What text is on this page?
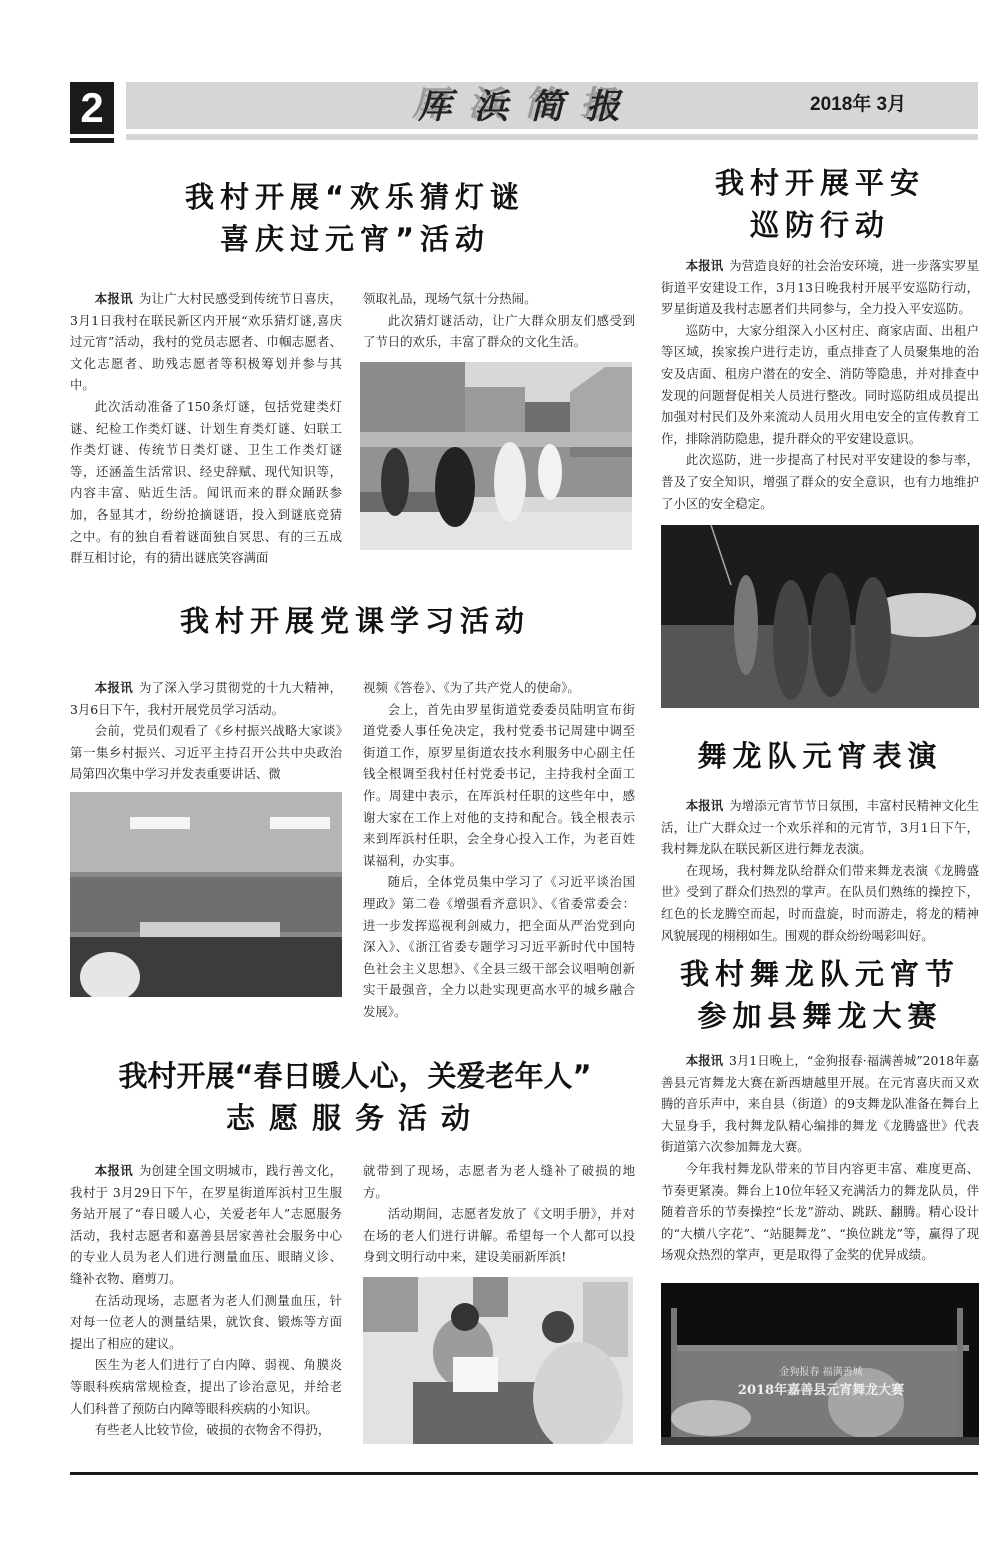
2	厍浜简报	2018年 3月
我村开展“欢乐猜灯谜
喜庆过元宵”活动

本报讯 为让广大村民感受到传统节日喜庆，3月1日我村在联民新区内开展“欢乐猜灯谜,喜庆过元宵”活动，我村的党员志愿者、巾帼志愿者、文化志愿者、助残志愿者等积极筹划并参与其中。

此次活动准备了150条灯谜，包括党建类灯谜、纪检工作类灯谜、计划生育类灯谜、妇联工作类灯谜、传统节日类灯谜、卫生工作类灯谜等，还涵盖生活常识、经史辞赋、现代知识等，内容丰富、贴近生活。闻讯而来的群众踊跃参加，各显其才，纷纷抢摘谜语，投入到谜底竞猜之中。有的独自看着谜面独自冥思、有的三五成群互相讨论，有的猜出谜底笑容满面

领取礼品，现场气氛十分热闹。

此次猜灯谜活动，让广大群众朋友们感受到了节日的欢乐，丰富了群众的文化生活。

我村开展平安
巡防行动

本报讯 为营造良好的社会治安环境，进一步落实罗星街道平安建设工作，3月13日晚我村开展平安巡防行动，罗星街道及我村志愿者们共同参与，全力投入平安巡防。

巡防中，大家分组深入小区村庄、商家店面、出租户等区域，挨家挨户进行走访，重点排查了人员聚集地的治安及店面、租房户潜在的安全、消防等隐患，并对排查中发现的问题督促相关人员进行整改。同时巡防组成员提出加强对村民们及外来流动人员用火用电安全的宣传教育工作，排除消防隐患，提升群众的平安建设意识。

此次巡防，进一步提高了村民对平安建设的参与率，普及了安全知识，增强了群众的安全意识，也有力地维护了小区的安全稳定。

我村开展党课学习活动

本报讯 为了深入学习贯彻党的十九大精神，3月6日下午，我村开展党员学习活动。

会前，党员们观看了《乡村振兴战略大家谈》第一集乡村振兴、习近平主持召开公共中央政治局第四次集中学习并发表重要讲话、微

视频《答卷》、《为了共产党人的使命》。

会上，首先由罗星街道党委委员陆明宣布街道党委人事任免决定，我村党委书记周建中调至街道工作，原罗星街道农技水利服务中心副主任钱全根调至我村任村党委书记，主持我村全面工作。周建中表示，在厍浜村任职的这些年中，感谢大家在工作上对他的支持和配合。钱全根表示来到厍浜村任职，会全身心投入工作，为老百姓谋福利，办实事。

随后，全体党员集中学习了《习近平谈治国理政》第二卷《增强看齐意识》、《省委常委会：进一步发挥巡视利剑威力，把全面从严治党到向深入》、《浙江省委专题学习习近平新时代中国特色社会主义思想》、《全县三级干部会议唱响创新实干最强音，全力以赴实现更高水平的城乡融合发展》。

舞龙队元宵表演

本报讯 为增添元宵节节日氛围，丰富村民精神文化生活，让广大群众过一个欢乐祥和的元宵节，3月1日下午，我村舞龙队在联民新区进行舞龙表演。

在现场，我村舞龙队给群众们带来舞龙表演《龙腾盛世》受到了群众们热烈的掌声。在队员们熟练的操控下，红色的长龙腾空而起，时而盘旋，时而游走，将龙的精神风貌展现的栩栩如生。围观的群众纷纷喝彩叫好。

我村舞龙队元宵节
参加县舞龙大赛

本报讯 3月1日晚上，“金狗报春·福满善城”2018年嘉善县元宵舞龙大赛在新西塘越里开展。在元宵喜庆而又欢腾的音乐声中，来自县（街道）的9支舞龙队准备在舞台上大显身手，我村舞龙队精心编排的舞龙《龙腾盛世》代表街道第六次参加舞龙大赛。

今年我村舞龙队带来的节目内容更丰富、难度更高、节奏更紧凑。舞台上10位年轻又充满活力的舞龙队员，伴随着音乐的节奏操控“长龙”游动、跳跃、翻腾。精心设计的“大横八字花”、“站腿舞龙”、“换位跳龙”等，赢得了现场观众热烈的掌声，更是取得了金奖的优异成绩。

金狗报春 福满善城
2018年嘉善县元宵舞龙大赛
我村开展“春日暖人心，关爱老年人”
志愿服务活动

本报讯 为创建全国文明城市，践行善文化，我村于 3月29日下午，在罗星街道厍浜村卫生服务站开展了“春日暖人心，关爱老年人”志愿服务活动，我村志愿者和嘉善县居家善社会服务中心的专业人员为老人们进行测量血压、眼睛义诊、缝补衣物、磨剪刀。

在活动现场，志愿者为老人们测量血压，针对每一位老人的测量结果，就饮食、锻炼等方面提出了相应的建议。

医生为老人们进行了白内障、弱视、角膜炎等眼科疾病常规检查，提出了诊治意见，并给老人们科普了预防白内障等眼科疾病的小知识。

有些老人比较节俭，破损的衣物舍不得扔，

就带到了现场，志愿者为老人缝补了破损的地方。

活动期间，志愿者发放了《文明手册》，并对在场的老人们进行讲解。希望每一个人都可以投身到文明行动中来，建设美丽新厍浜!
